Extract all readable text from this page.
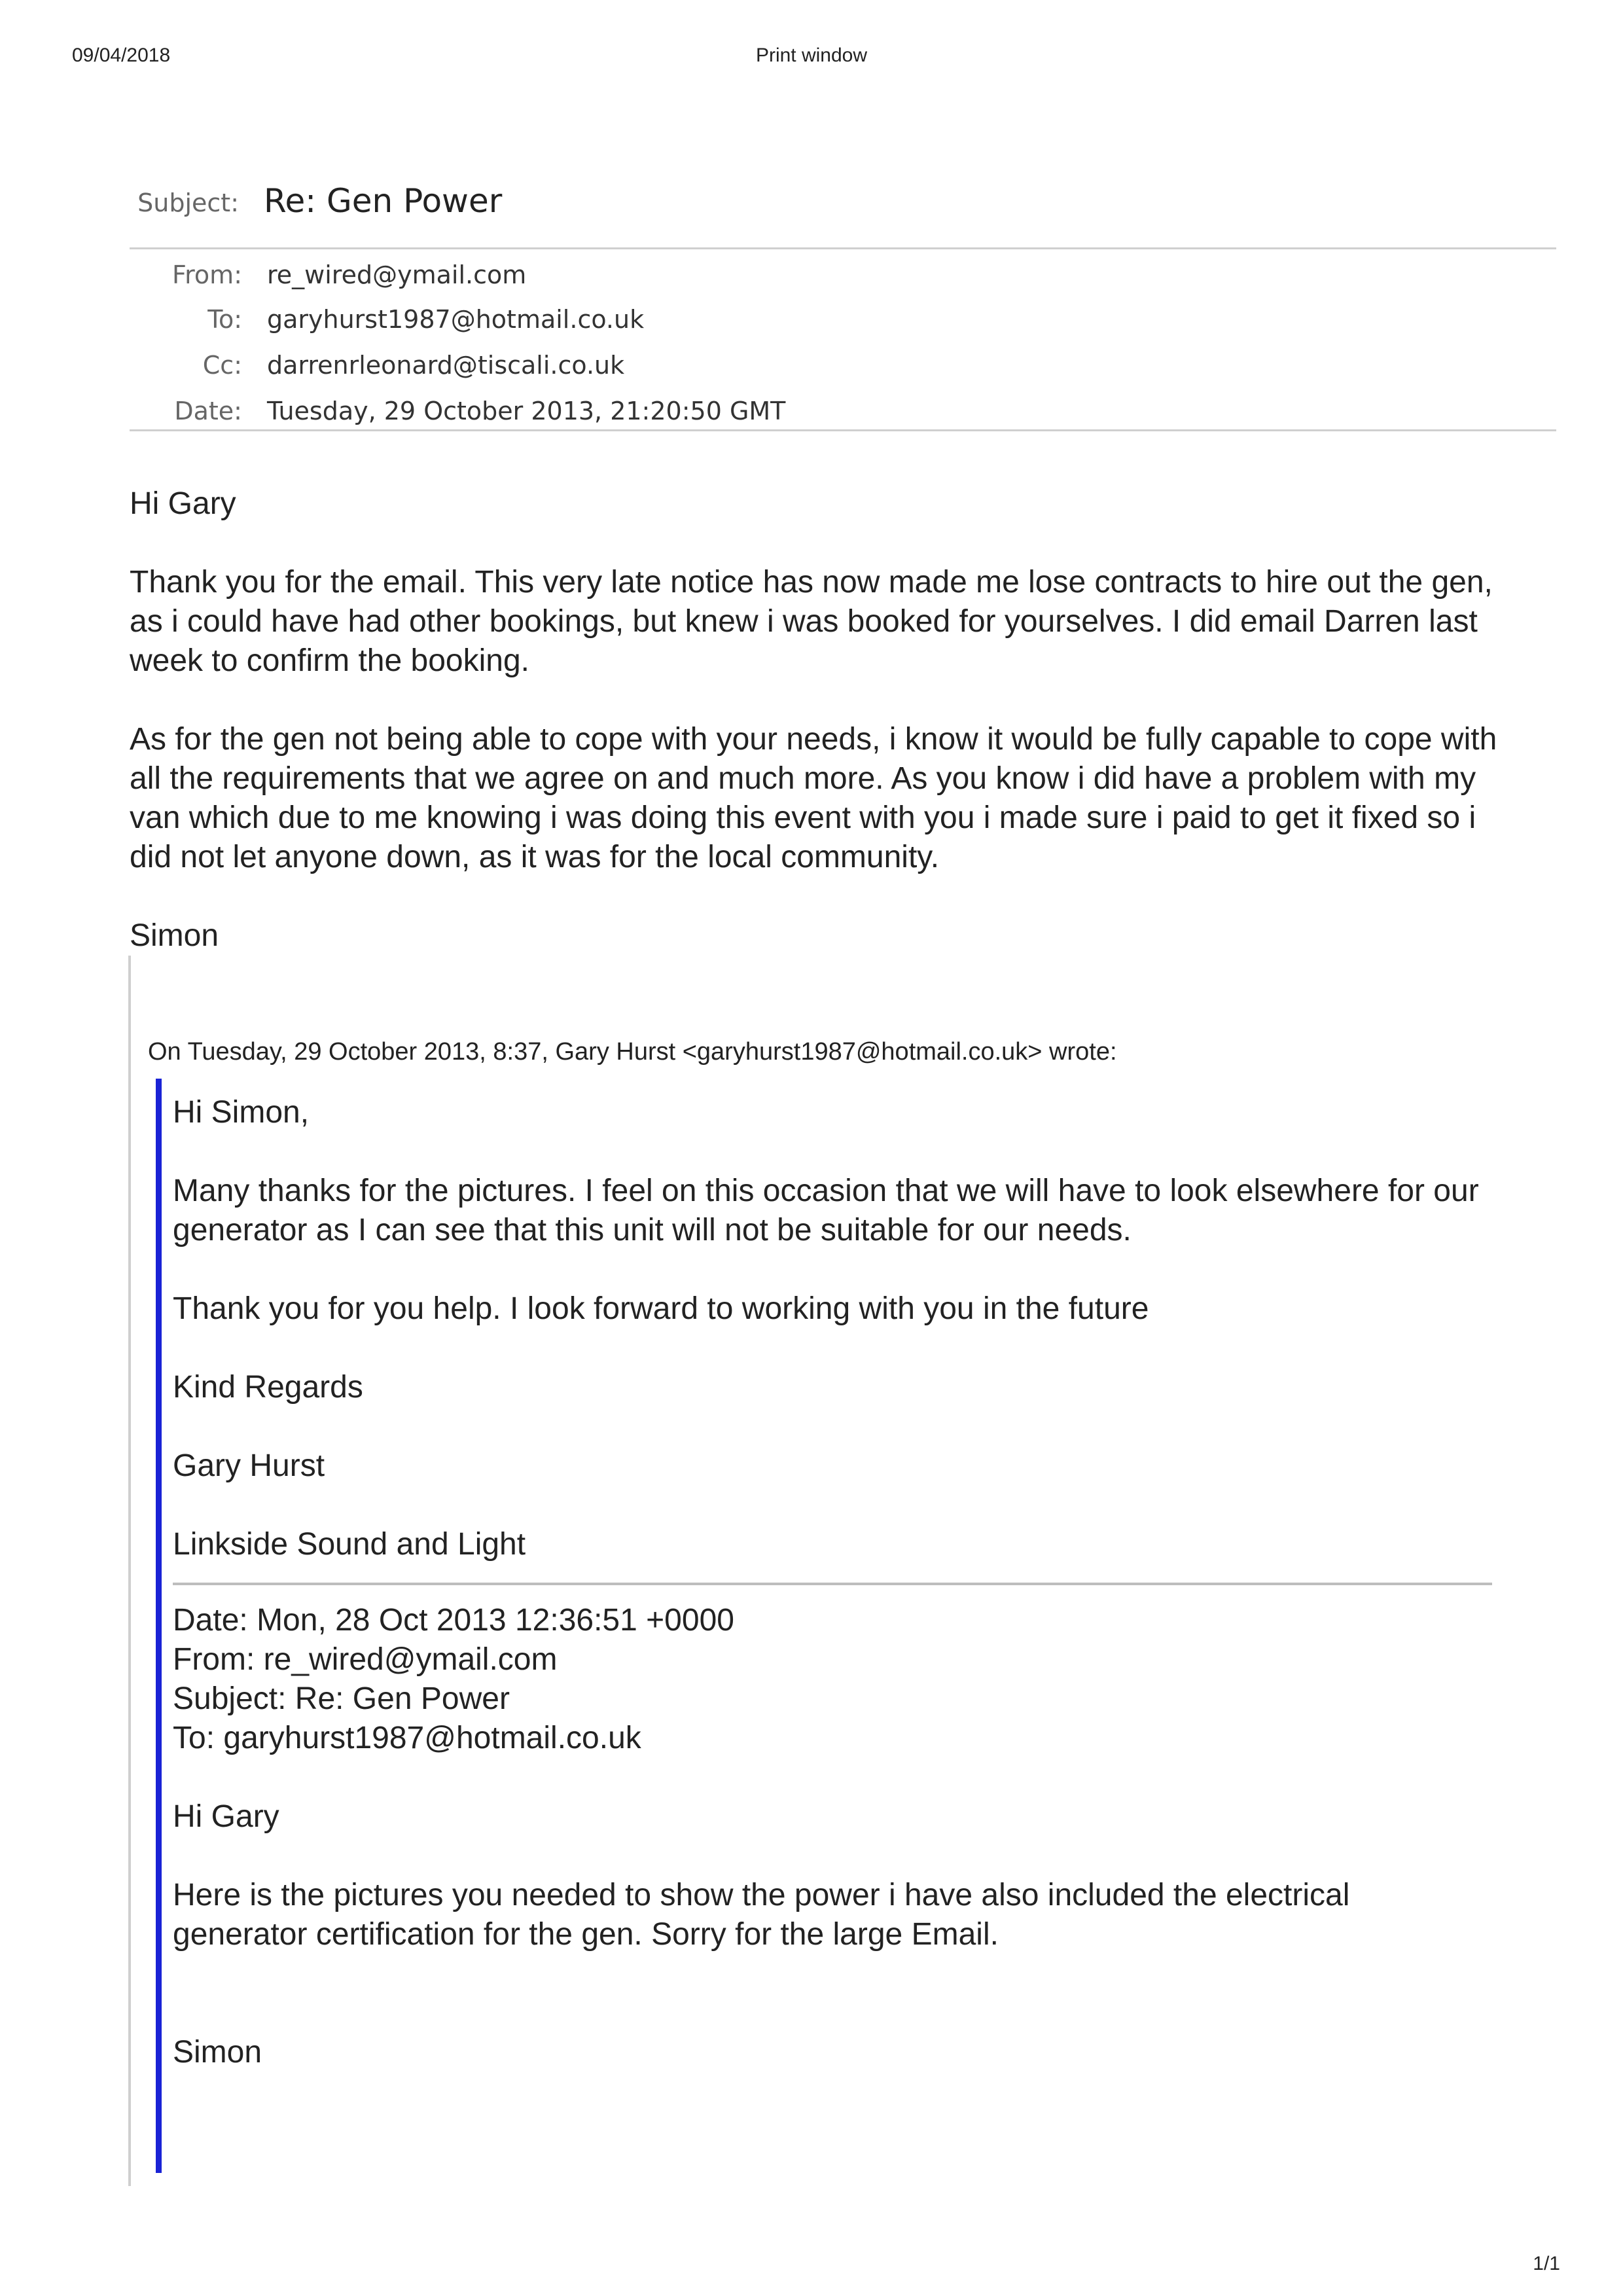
09/04/2018	Print window
Subject: Re: Gen Power
From: re_wired@ymail.com
To: garyhurst1987@hotmail.co.uk
Cc: darrenrleonard@tiscali.co.uk
Date: Tuesday, 29 October 2013, 21:20:50 GMT
Hi Gary
Thank you for the email. This very late notice has now made me lose contracts to hire out the gen,
as i could have had other bookings, but knew i was booked for yourselves. I did email Darren last
week to confirm the booking.
As for the gen not being able to cope with your needs, i know it would be fully capable to cope with
all the requirements that we agree on and much more. As you know i did have a problem with my
van which due to me knowing i was doing this event with you i made sure i paid to get it fixed so i
did not let anyone down, as it was for the local community.
Simon
On Tuesday, 29 October 2013, 8:37, Gary Hurst <garyhurst1987@hotmail.co.uk> wrote:
Hi Simon,
Many thanks for the pictures. I feel on this occasion that we will have to look elsewhere for our
generator as I can see that this unit will not be suitable for our needs.
Thank you for you help. I look forward to working with you in the future
Kind Regards
Gary Hurst
Linkside Sound and Light
Date: Mon, 28 Oct 2013 12:36:51 +0000
From: re_wired@ymail.com
Subject: Re: Gen Power
To: garyhurst1987@hotmail.co.uk
Hi Gary
Here is the pictures you needed to show the power i have also included the electrical
generator certification for the gen. Sorry for the large Email.
Simon
1/1
